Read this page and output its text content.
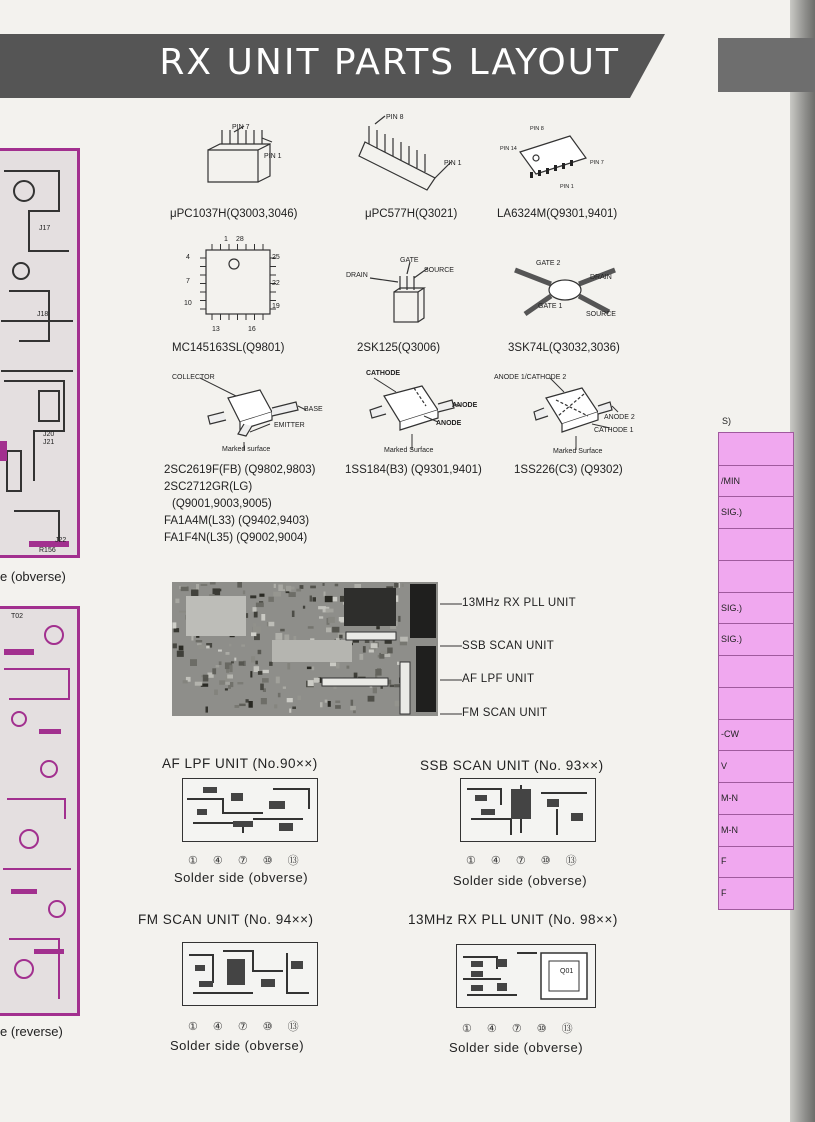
RX UNIT PARTS LAYOUT
J17
J18
J20
J21
J22
R156
e (obverse)
T02
e (reverse)
S)
/MIN
SIG.)
SIG.)
SIG.)
-CW
V
M-N
M-N
F
F
PIN 7
PIN 1
μPC1037H(Q3003,3046)
PIN 8
PIN 1
μPC577H(Q3021)
PIN 8
PIN 14
PIN 7
PIN 1
LA6324M(Q9301,9401)
1 28
4	25
7	22
10	19
13	16
MC145163SL(Q9801)
DRAIN
GATE
SOURCE
2SK125(Q3006)
GATE 2
DRAIN
GATE 1
SOURCE
3SK74L(Q3032,3036)
COLLECTOR
BASE
EMITTER
Marked surface
2SC2619F(FB) (Q9802,9803)
2SC2712GR(LG)
(Q9001,9003,9005)
FA1A4M(L33) (Q9402,9403)
FA1F4N(L35) (Q9002,9004)
CATHODE
ANODE
ANODE
Marked Surface
1SS184(B3) (Q9301,9401)
ANODE 1/CATHODE 2
ANODE 2
CATHODE 1
Marked Surface
1SS226(C3) (Q9302)
13MHz RX PLL UNIT
SSB SCAN UNIT
AF LPF UNIT
FM SCAN UNIT
AF LPF UNIT (No.90××)
① ④ ⑦ ⑩ ⑬
Solder side (obverse)
SSB SCAN UNIT (No. 93××)
① ④ ⑦ ⑩ ⑬
Solder side (obverse)
FM SCAN UNIT (No. 94××)
① ④ ⑦ ⑩ ⑬
Solder side (obverse)
13MHz RX PLL UNIT (No. 98××)
Q01
① ④ ⑦ ⑩ ⑬
Solder side (obverse)
